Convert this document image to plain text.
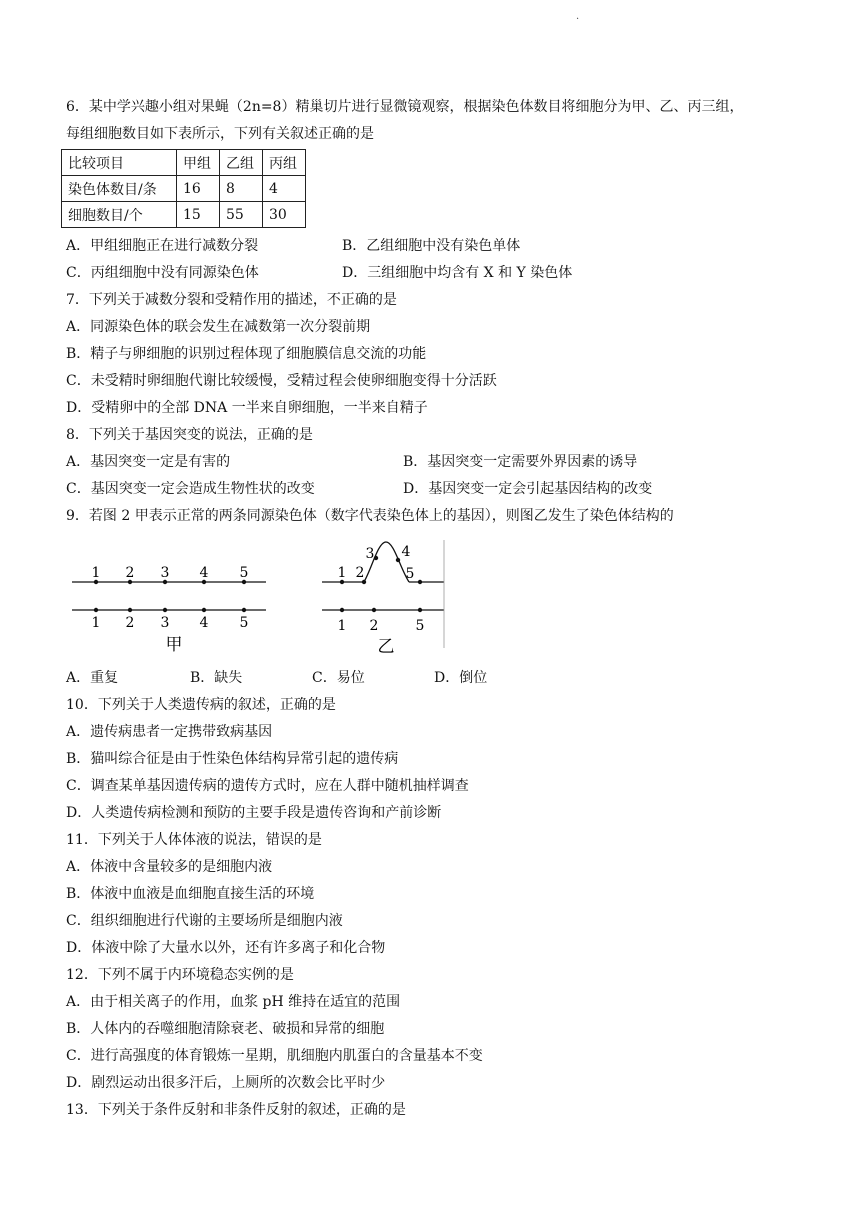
·
6．某中学兴趣小组对果蝇（2n=8）精巢切片进行显微镜观察，根据染色体数目将细胞分为甲、乙、丙三组，
每组细胞数目如下表所示，下列有关叙述正确的是
比较项目	甲组	乙组	丙组
染色体数目/条	16	8	4
细胞数目/个	15	55	30
A．甲组细胞正在进行减数分裂	B．乙组细胞中没有染色单体
C．丙组细胞中没有同源染色体	D．三组细胞中均含有 X 和 Y 染色体
7．下列关于减数分裂和受精作用的描述，不正确的是
A．同源染色体的联会发生在减数第一次分裂前期
B．精子与卵细胞的识别过程体现了细胞膜信息交流的功能
C．未受精时卵细胞代谢比较缓慢，受精过程会使卵细胞变得十分活跃
D．受精卵中的全部 DNA 一半来自卵细胞，一半来自精子
8．下列关于基因突变的说法，正确的是
A．基因突变一定是有害的	B．基因突变一定需要外界因素的诱导
C．基因突变一定会造成生物性状的改变	D．基因突变一定会引起基因结构的改变
9．若图 2 甲表示正常的两条同源染色体（数字代表染色体上的基因），则图乙发生了染色体结构的
1 2 3 4 5
1 2 3 4 5
甲
1 2
3 4
5
1 2	5
乙
A．重复	B．缺失	C．易位	D．倒位
10．下列关于人类遗传病的叙述，正确的是
A．遗传病患者一定携带致病基因
B．猫叫综合征是由于性染色体结构异常引起的遗传病
C．调查某单基因遗传病的遗传方式时，应在人群中随机抽样调查
D．人类遗传病检测和预防的主要手段是遗传咨询和产前诊断
11．下列关于人体体液的说法，错误的是
A．体液中含量较多的是细胞内液
B．体液中血液是血细胞直接生活的环境
C．组织细胞进行代谢的主要场所是细胞内液
D．体液中除了大量水以外，还有许多离子和化合物
12．下列不属于内环境稳态实例的是
A．由于相关离子的作用，血浆 pH 维持在适宜的范围
B．人体内的吞噬细胞清除衰老、破损和异常的细胞
C．进行高强度的体育锻炼一星期，肌细胞内肌蛋白的含量基本不变
D．剧烈运动出很多汗后，上厕所的次数会比平时少
13．下列关于条件反射和非条件反射的叙述，正确的是
